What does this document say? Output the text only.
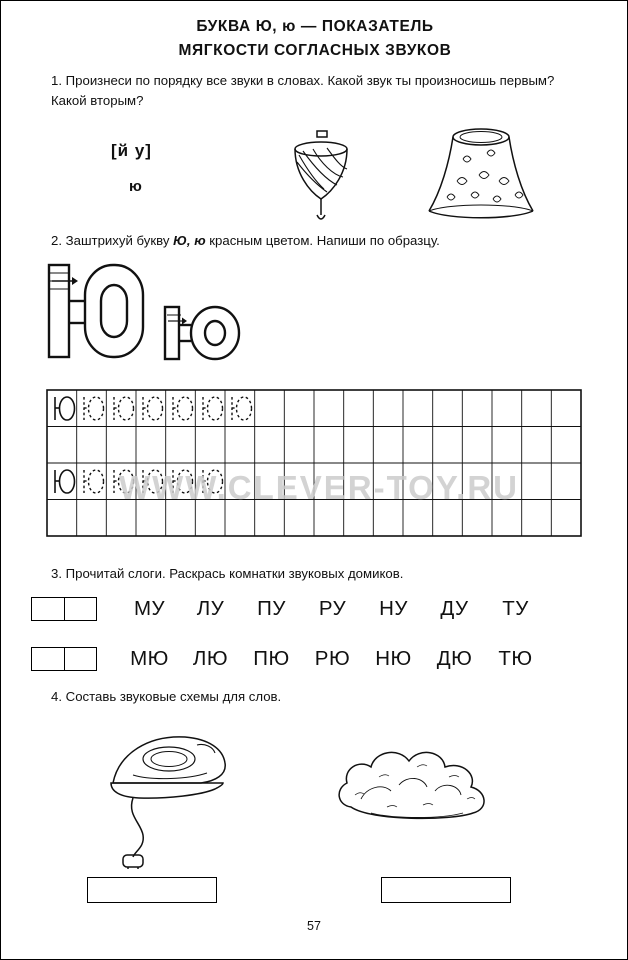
БУКВА Ю, ю — ПОКАЗАТЕЛЬ
МЯГКОСТИ СОГЛАСНЫХ ЗВУКОВ
1. Произнеси по порядку все звуки в словах. Какой звук ты произносишь первым? Какой вторым?
[й у]
ю
2. Заштрихуй букву Ю, ю красным цветом. Напиши по образцу.
WWW.CLEVER-TOY.RU
3. Прочитай слоги. Раскрась комнатки звуковых домиков.
МУ	ЛУ	ПУ	РУ	НУ	ДУ	ТУ
МЮ	ЛЮ	ПЮ	РЮ	НЮ	ДЮ	ТЮ
4. Составь звуковые схемы для слов.
57
